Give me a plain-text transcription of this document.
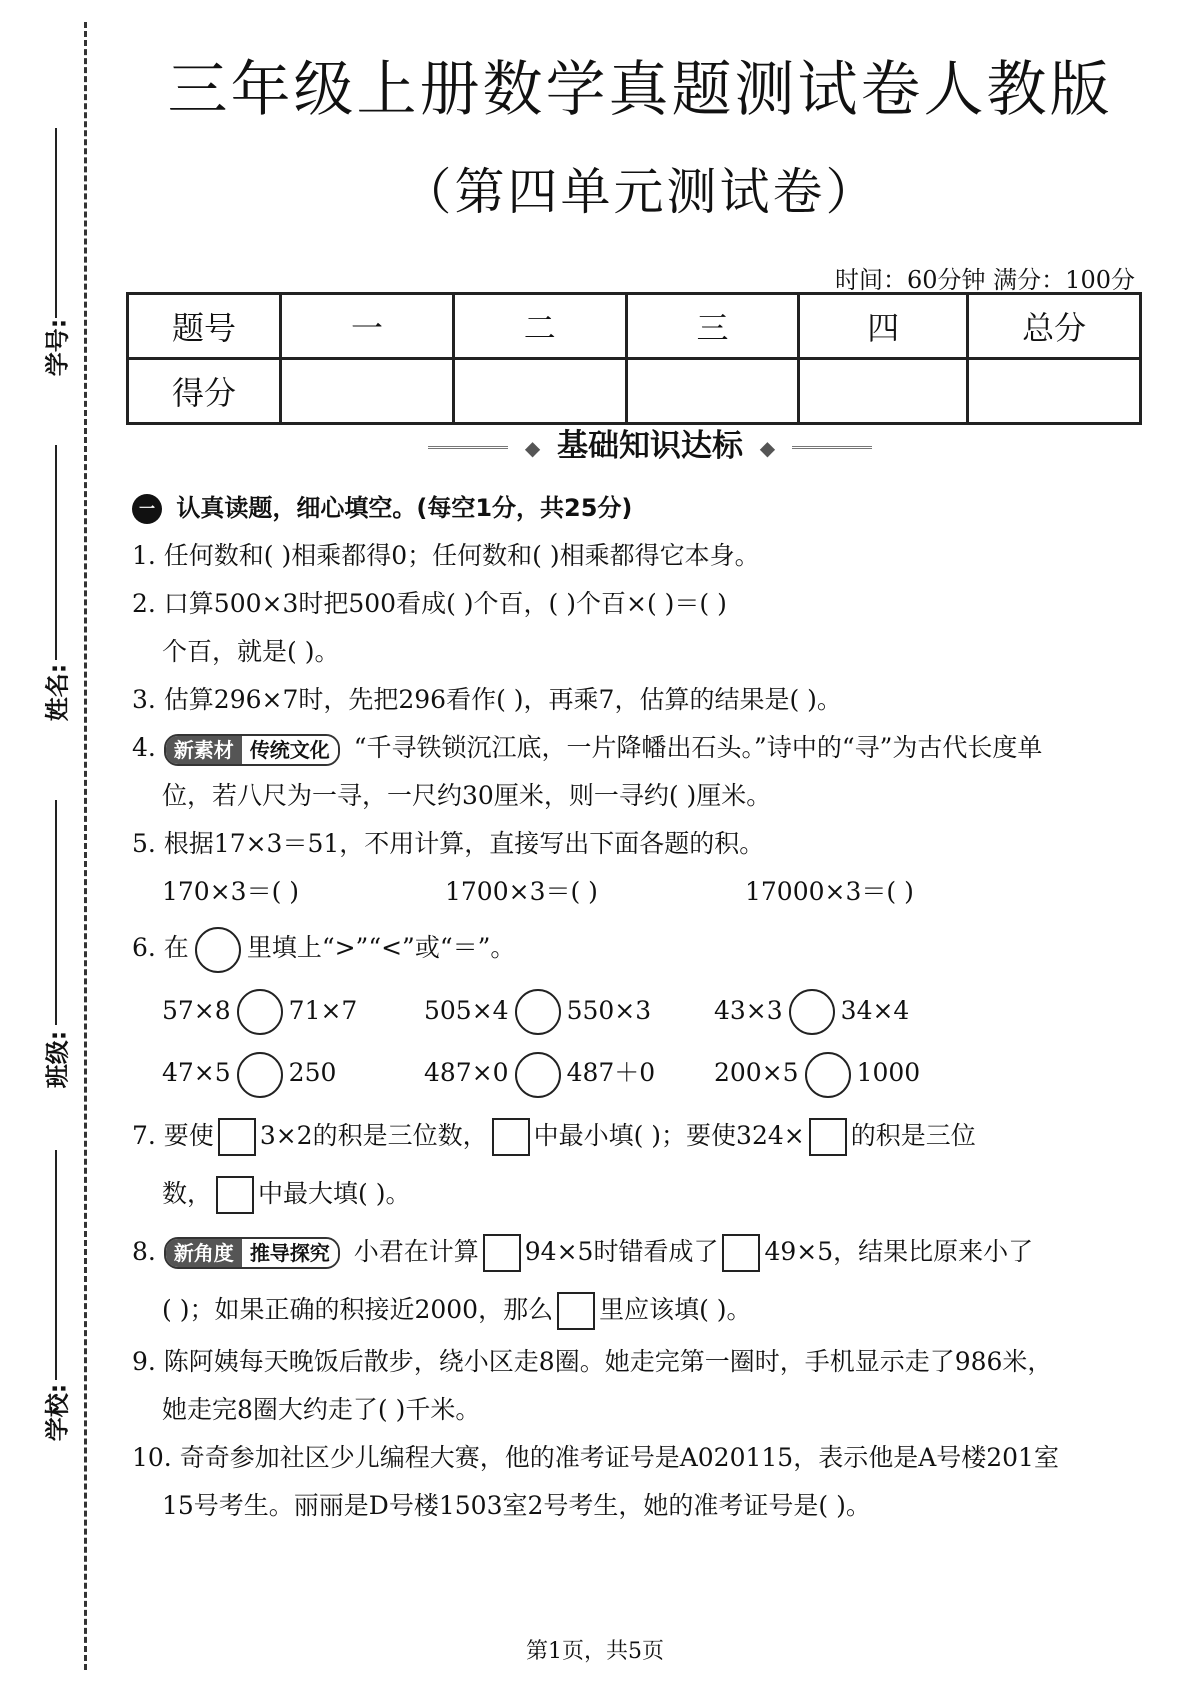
学号:
姓名:
班级:
学校:
三年级上册数学真题测试卷人教版
（第四单元测试卷）
时间：60分钟 满分：100分
题号	一	二	三	四	总分
得分					
◆ 基础知识达标 ◆
一 认真读题，细心填空。(每空1分，共25分)

1. 任何数和( )相乘都得0；任何数和( )相乘都得它本身。

2. 口算500×3时把500看成( )个百，( )个百×( )＝( )

个百，就是( )。

3. 估算296×7时，先把296看作( )，再乘7，估算的结果是( )。

4. 新素材 传统文化 “千寻铁锁沉江底，一片降幡出石头。”诗中的“寻”为古代长度单

位，若八尺为一寻，一尺约30厘米，则一寻约( )厘米。

5. 根据17×3＝51，不用计算，直接写出下面各题的积。

170×3＝( )	1700×3＝( )	17000×3＝( )

6. 在 里填上“>”“<”或“＝”。

57×8 71×7	505×4 550×3	43×3 34×4
47×5 250	487×0 487＋0	200×5 1000

7. 要使 3×2的积是三位数， 中最小填( )；要使324× 的积是三位

数， 中最大填( )。

8. 新角度 推导探究 小君在计算 94×5时错看成了 49×5，结果比原来小了

( )；如果正确的积接近2000，那么 里应该填( )。

9. 陈阿姨每天晚饭后散步，绕小区走8圈。她走完第一圈时，手机显示走了986米，

她走完8圈大约走了( )千米。

10. 奇奇参加社区少儿编程大赛，他的准考证号是A020115，表示他是A号楼201室

15号考生。丽丽是D号楼1503室2号考生，她的准考证号是( )。

第1页，共5页
